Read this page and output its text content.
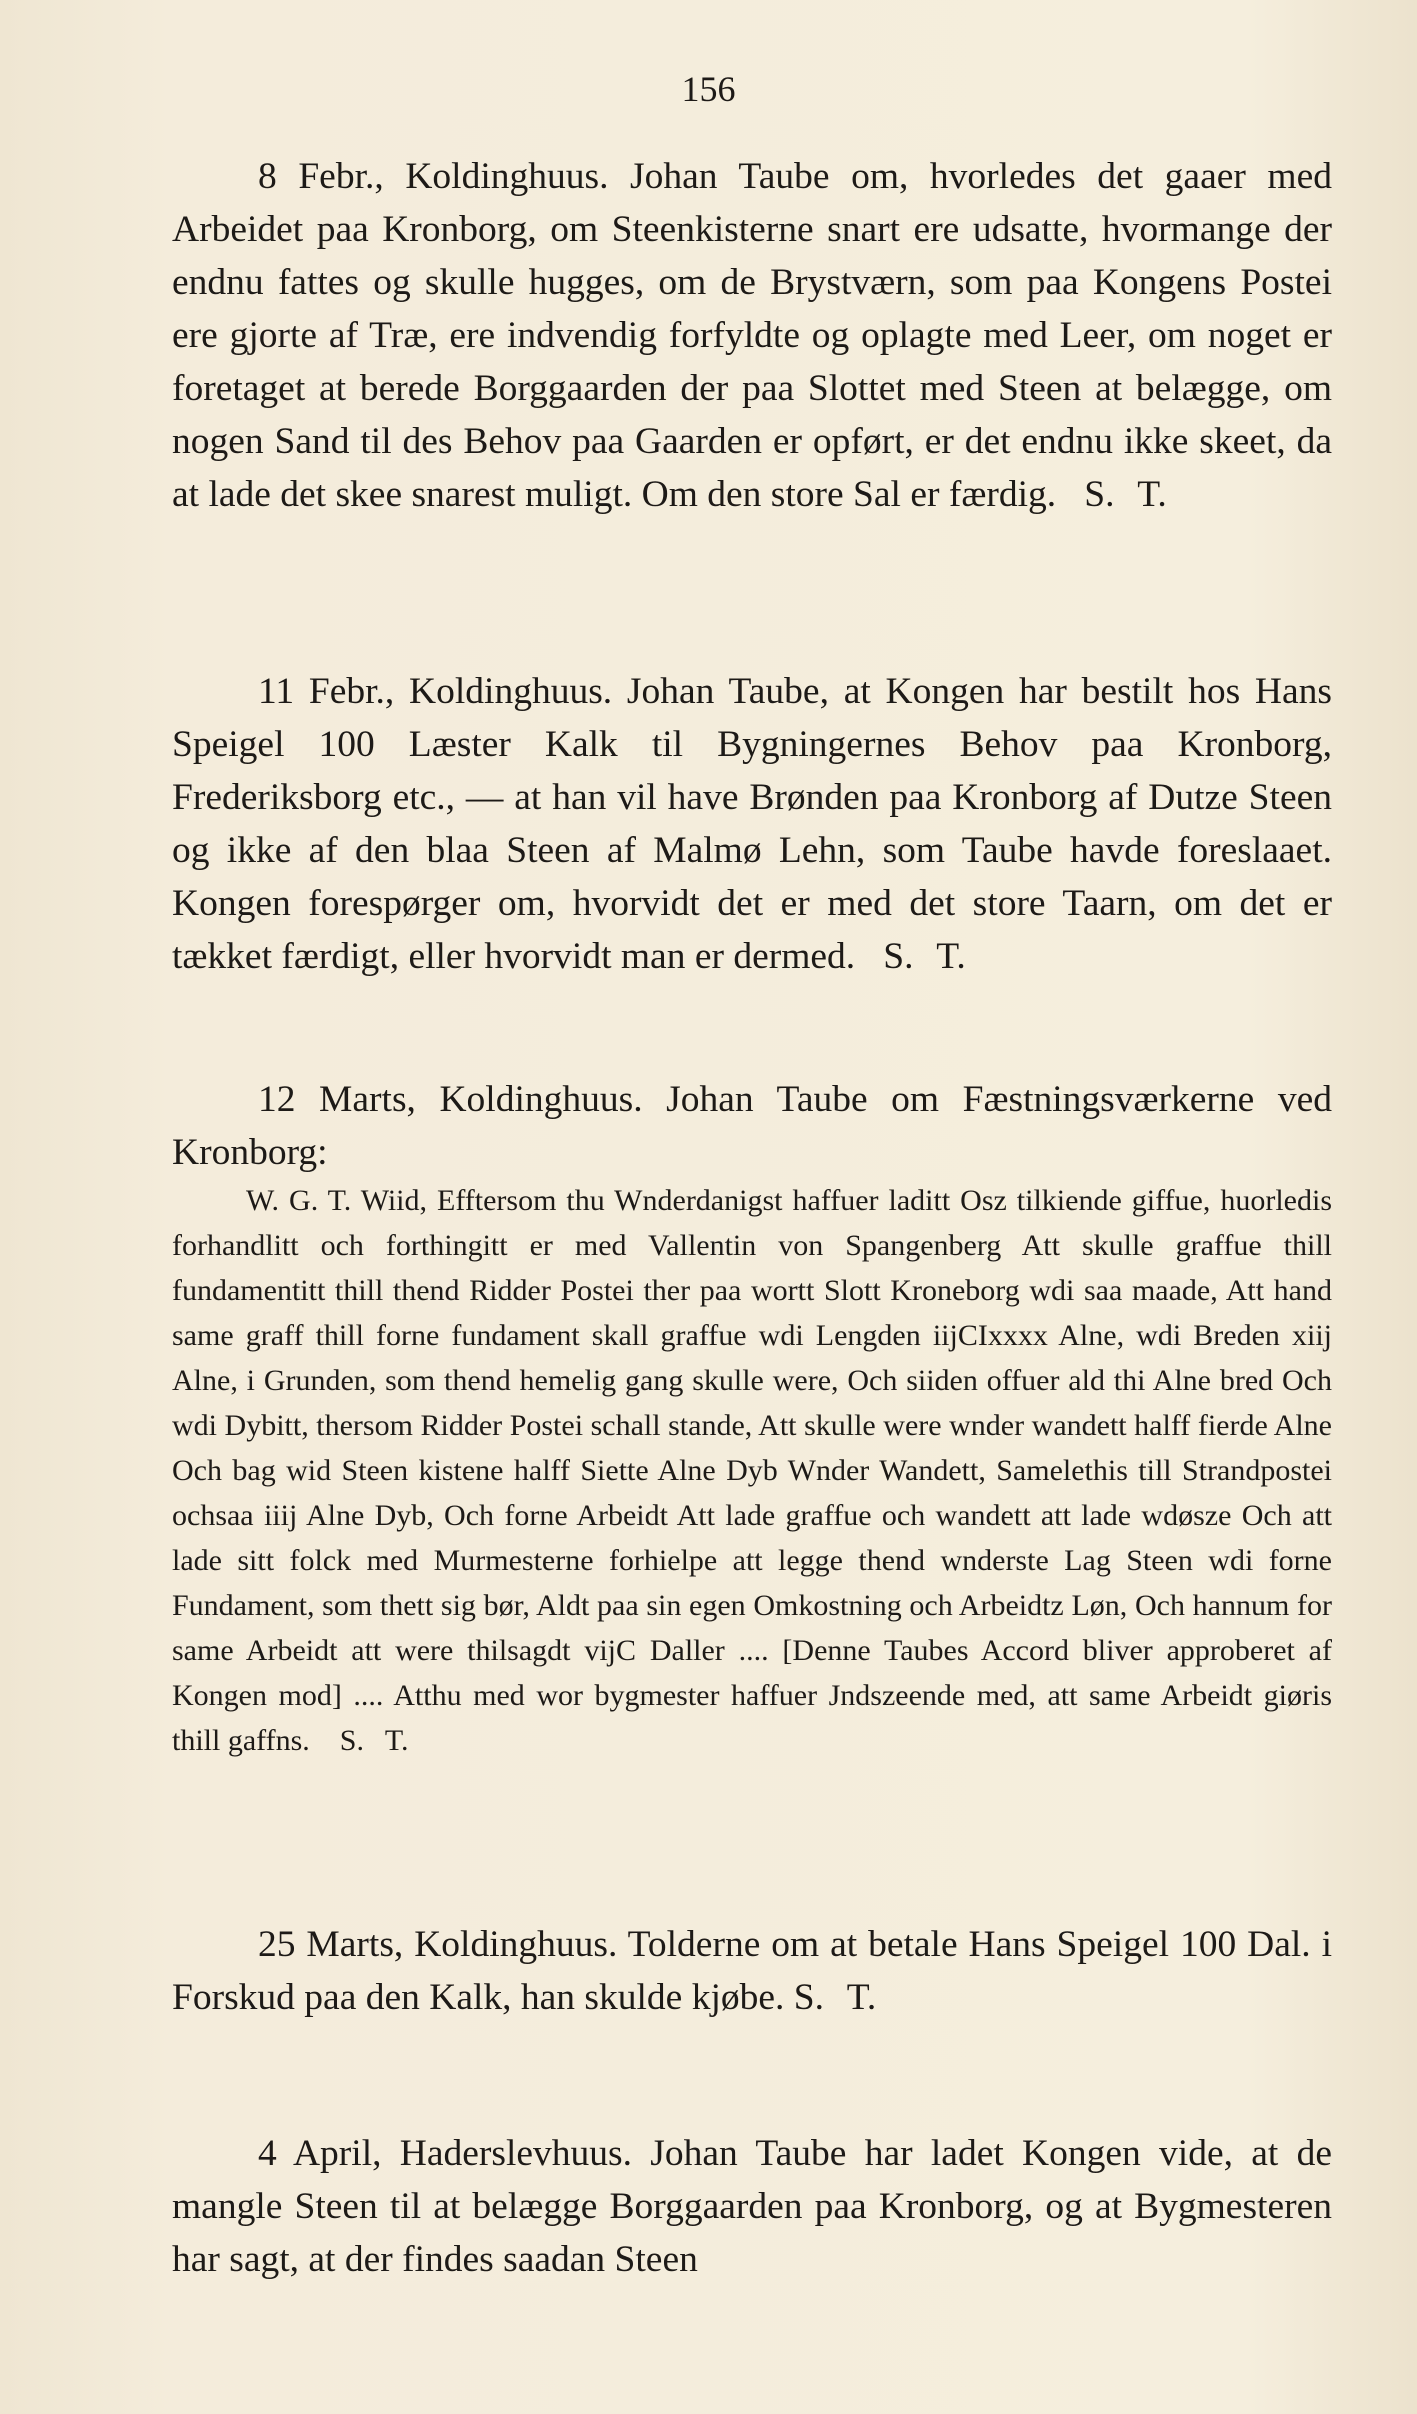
156

8 Febr., Koldinghuus. Johan Taube om, hvorledes det gaaer med Arbeidet paa Kronborg, om Steenkisterne snart ere udsatte, hvormange der endnu fattes og skulle hugges, om de Brystværn, som paa Kongens Postei ere gjorte af Træ, ere indvendig forfyldte og oplagte med Leer, om noget er foretaget at berede Borggaarden der paa Slottet med Steen at belægge, om nogen Sand til des Behov paa Gaarden er opført, er det endnu ikke skeet, da at lade det skee snarest muligt. Om den store Sal er færdig. S. T.

11 Febr., Koldinghuus. Johan Taube, at Kongen har bestilt hos Hans Speigel 100 Læster Kalk til Bygningernes Behov paa Kronborg, Frederiksborg etc., — at han vil have Brønden paa Kronborg af Dutze Steen og ikke af den blaa Steen af Malmø Lehn, som Taube havde foreslaaet. Kongen forespørger om, hvorvidt det er med det store Taarn, om det er tækket færdigt, eller hvorvidt man er dermed. S. T.

12 Marts, Koldinghuus. Johan Taube om Fæstningsværkerne ved Kronborg:

W. G. T. Wiid, Efftersom thu Wnderdanigst haffuer laditt Osz tilkiende giffue, huorledis forhandlitt och forthingitt er med Vallentin von Spangenberg Att skulle graffue thill fundamentitt thill thend Ridder Postei ther paa wortt Slott Kroneborg wdi saa maade, Att hand same graff thill forne fundament skall graffue wdi Lengden iijCIxxxx Alne, wdi Breden xiij Alne, i Grunden, som thend hemelig gang skulle were, Och siiden offuer ald thi Alne bred Och wdi Dybitt, thersom Ridder Postei schall stande, Att skulle were wnder wandett halff fierde Alne Och bag wid Steen kistene halff Siette Alne Dyb Wnder Wandett, Samelethis till Strandpostei ochsaa iiij Alne Dyb, Och forne Arbeidt Att lade graffue och wandett att lade wdøsze Och att lade sitt folck med Murmesterne forhielpe att legge thend wnderste Lag Steen wdi forne Fundament, som thett sig bør, Aldt paa sin egen Omkostning och Arbeidtz Løn, Och hannum for same Arbeidt att were thilsagdt vijC Daller .... [Denne Taubes Accord bliver approberet af Kongen mod] .... Atthu med wor bygmester haffuer Jndszeende med, att same Arbeidt giøris thill gaffns. S. T.

25 Marts, Koldinghuus. Tolderne om at betale Hans Speigel 100 Dal. i Forskud paa den Kalk, han skulde kjøbe. S. T.

4 April, Haderslevhuus. Johan Taube har ladet Kongen vide, at de mangle Steen til at belægge Borggaarden paa Kronborg, og at Bygmesteren har sagt, at der findes saadan Steen
